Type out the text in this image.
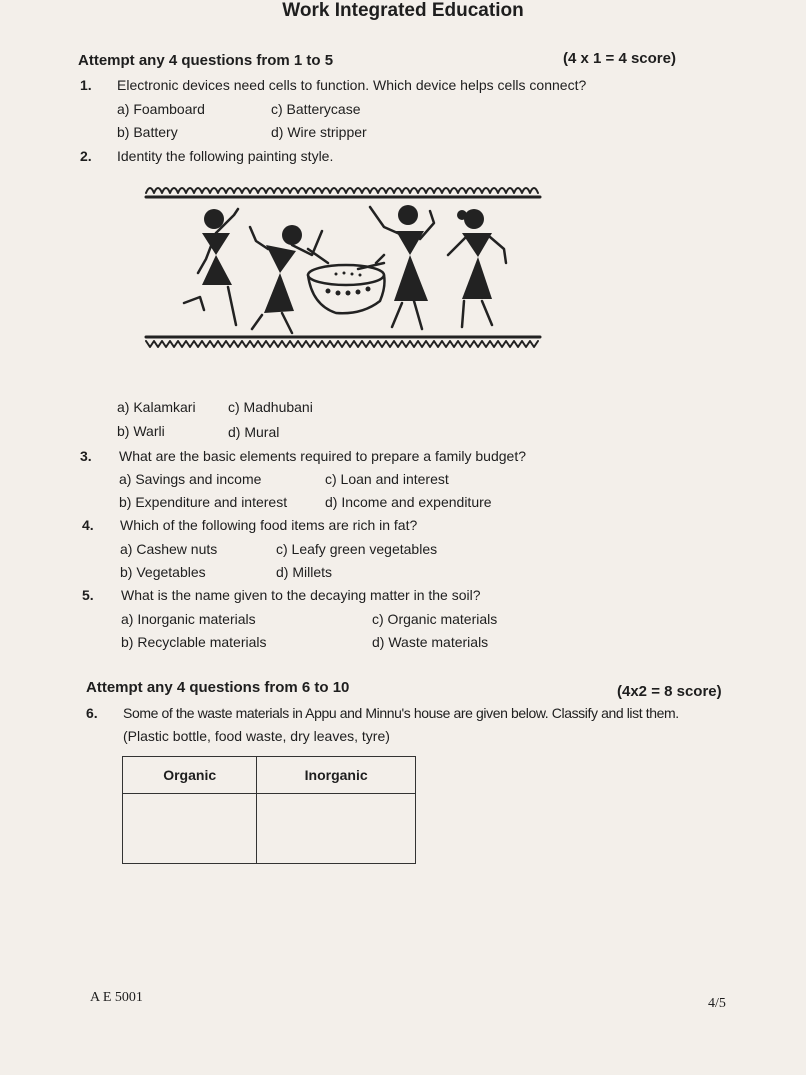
Work Integrated Education
Attempt any 4 questions from 1 to 5	(4 x 1 = 4 score)
1. Electronic devices need cells to function. Which device helps cells connect?
a) Foamboard	c) Batterycase
b) Battery	d) Wire stripper
2. Identity the following painting style.
a) Kalamkari c) Madhubani
b) Warli	d) Mural
3. What are the basic elements required to prepare a family budget?
a) Savings and income	c) Loan and interest
b) Expenditure and interest	d) Income and expenditure
4. Which of the following food items are rich in fat?
a) Cashew nuts	c) Leafy green vegetables
b) Vegetables	d) Millets
5. What is the name given to the decaying matter in the soil?
a) Inorganic materials	c) Organic materials
b) Recyclable materials	d) Waste materials
Attempt any 4 questions from 6 to 10	(4x2 = 8 score)
6. Some of the waste materials in Appu and Minnu's house are given below. Classify and list them.
(Plastic bottle, food waste, dry leaves, tyre)
Organic	Inorganic

A E 5001	4/5
